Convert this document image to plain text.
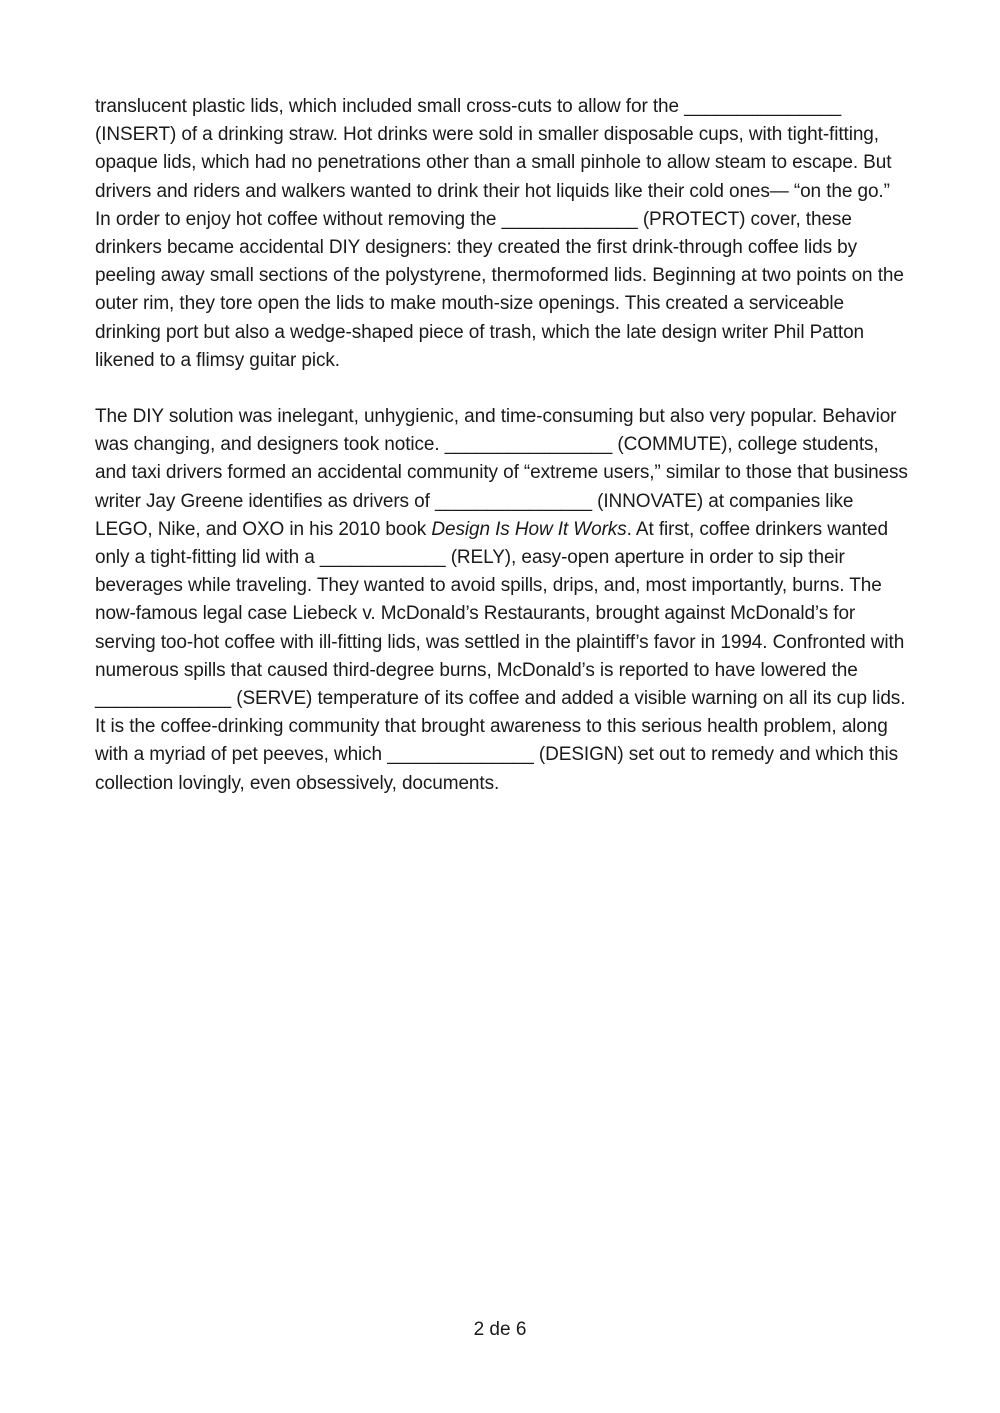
translucent plastic lids, which included small cross-cuts to allow for the _______________ (INSERT) of a drinking straw. Hot drinks were sold in smaller disposable cups, with tight-fitting, opaque lids, which had no penetrations other than a small pinhole to allow steam to escape. But drivers and riders and walkers wanted to drink their hot liquids like their cold ones— “on the go.” In order to enjoy hot coffee without removing the _____________ (PROTECT) cover, these drinkers became accidental DIY designers: they created the first drink-through coffee lids by peeling away small sections of the polystyrene, thermoformed lids. Beginning at two points on the outer rim, they tore open the lids to make mouth-size openings. This created a serviceable drinking port but also a wedge-shaped piece of trash, which the late design writer Phil Patton likened to a flimsy guitar pick.

The DIY solution was inelegant, unhygienic, and time-consuming but also very popular. Behavior was changing, and designers took notice. ________________ (COMMUTE), college students, and taxi drivers formed an accidental community of “extreme users,” similar to those that business writer Jay Greene identifies as drivers of _______________ (INNOVATE) at companies like LEGO, Nike, and OXO in his 2010 book Design Is How It Works. At first, coffee drinkers wanted only a tight-fitting lid with a ____________ (RELY), easy-open aperture in order to sip their beverages while traveling. They wanted to avoid spills, drips, and, most importantly, burns. The now-famous legal case Liebeck v. McDonald’s Restaurants, brought against McDonald’s for serving too-hot coffee with ill-fitting lids, was settled in the plaintiff’s favor in 1994. Confronted with numerous spills that caused third-degree burns, McDonald’s is reported to have lowered the _____________ (SERVE) temperature of its coffee and added a visible warning on all its cup lids. It is the coffee-drinking community that brought awareness to this serious health problem, along with a myriad of pet peeves, which ______________ (DESIGN) set out to remedy and which this collection lovingly, even obsessively, documents.

2 de 6
